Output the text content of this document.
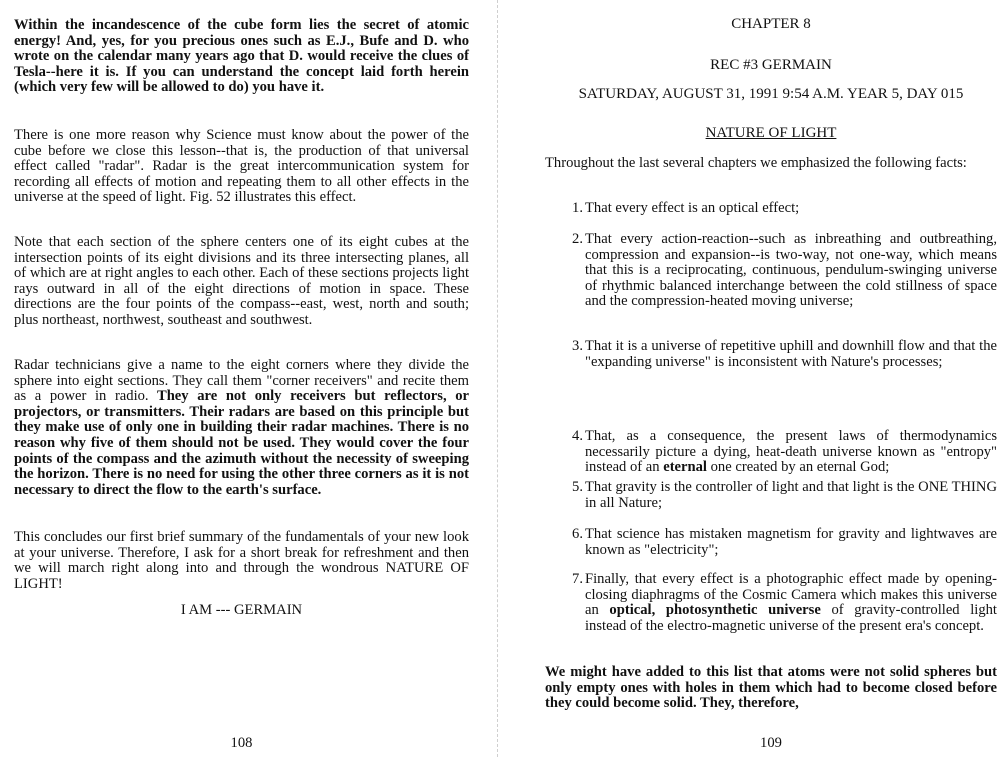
Within the incandescence of the cube form lies the secret of atomic energy! And, yes, for you precious ones such as E.J., Bufe and D. who wrote on the calendar many years ago that D. would receive the clues of Tesla--here it is. If you can understand the concept laid forth herein (which very few will be allowed to do) you have it.

There is one more reason why Science must know about the power of the cube before we close this lesson--that is, the production of that universal effect called "radar". Radar is the great intercommunication system for recording all effects of motion and repeating them to all other effects in the universe at the speed of light. Fig. 52 illustrates this effect.

Note that each section of the sphere centers one of its eight cubes at the intersection points of its eight divisions and its three intersecting planes, all of which are at right angles to each other. Each of these sections projects light rays outward in all of the eight directions of motion in space. These directions are the four points of the compass--east, west, north and south; plus northeast, northwest, southeast and southwest.

Radar technicians give a name to the eight corners where they divide the sphere into eight sections. They call them "corner receivers" and recite them as a power in radio. They are not only receivers but reflectors, or projectors, or transmitters. Their radars are based on this principle but they make use of only one in building their radar machines. There is no reason why five of them should not be used. They would cover the four points of the compass and the azimuth without the necessity of sweeping the horizon. There is no need for using the other three corners as it is not necessary to direct the flow to the earth's surface.

This concludes our first brief summary of the fundamentals of your new look at your universe. Therefore, I ask for a short break for refreshment and then we will march right along into and through the wondrous NATURE OF LIGHT!

I AM --- GERMAIN
108
CHAPTER 8
REC #3 GERMAIN
SATURDAY, AUGUST 31, 1991 9:54 A.M. YEAR 5, DAY 015
NATURE OF LIGHT

Throughout the last several chapters we emphasized the following facts:

1. That every effect is an optical effect;
2. That every action-reaction--such as inbreathing and outbreathing, compression and expansion--is two-way, not one-way, which means that this is a reciprocating, continuous, pendulum-swinging universe of rhythmic balanced interchange between the cold stillness of space and the compression-heated moving universe;
3. That it is a universe of repetitive uphill and downhill flow and that the "expanding universe" is inconsistent with Nature's processes;
4. That, as a consequence, the present laws of thermodynamics necessarily picture a dying, heat-death universe known as "entropy" instead of an eternal one created by an eternal God;
5. That gravity is the controller of light and that light is the ONE THING in all Nature;
6. That science has mistaken magnetism for gravity and lightwaves are known as "electricity";
7. Finally, that every effect is a photographic effect made by opening-closing diaphragms of the Cosmic Camera which makes this universe an optical, photosynthetic universe of gravity-controlled light instead of the electro-magnetic universe of the present era's concept.

We might have added to this list that atoms were not solid spheres but only empty ones with holes in them which had to become closed before they could become solid. They, therefore,

109
